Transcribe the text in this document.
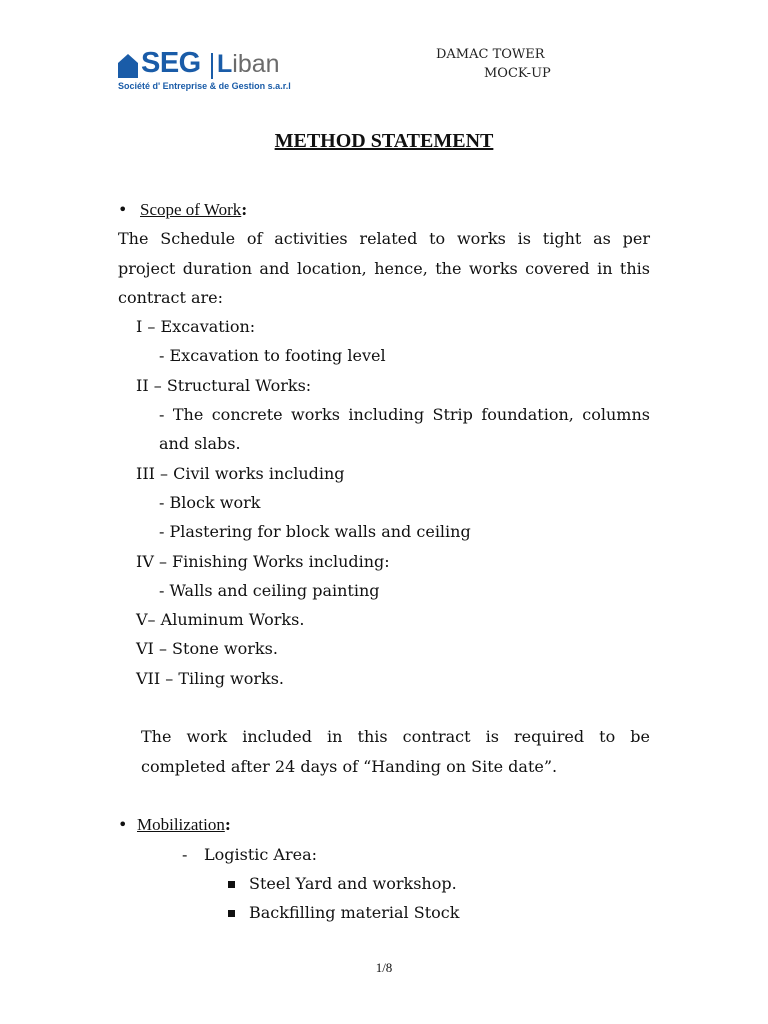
SEG Liban
Société d' Entreprise & de Gestion s.a.r.l
DAMAC TOWER
MOCK-UP
METHOD STATEMENT
• Scope of Work:
The Schedule of activities related to works is tight as per
project duration and location, hence, the works covered in this
contract are:
I – Excavation:
- Excavation to footing level
II – Structural Works:
- The concrete works including Strip foundation, columns
and slabs.
III – Civil works including
- Block work
- Plastering for block walls and ceiling
IV – Finishing Works including:
- Walls and ceiling painting
V– Aluminum Works.
VI – Stone works.
VII – Tiling works.
The work included in this contract is required to be
completed after 24 days of “Handing on Site date”.
• Mobilization:
- Logistic Area:
Steel Yard and workshop.
Backfilling material Stock
1/8
